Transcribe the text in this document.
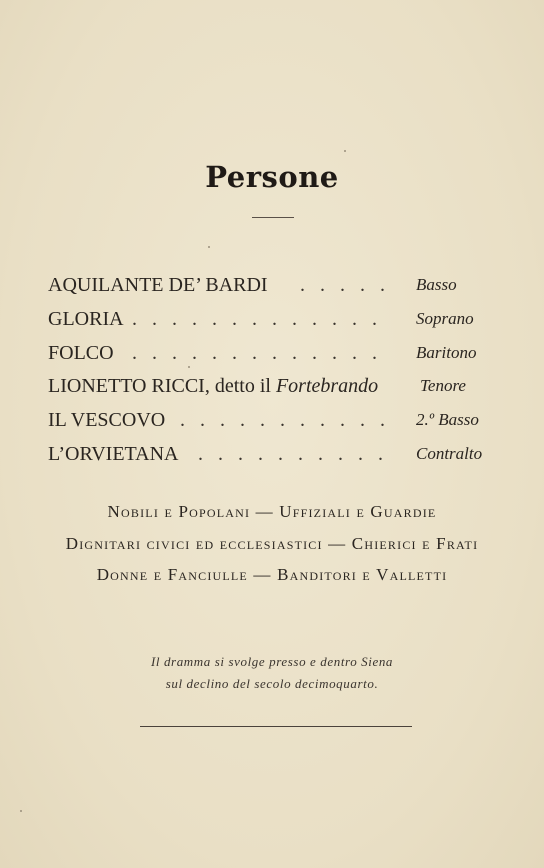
Persone
AQUILANTE DE’ BARDI . . . . . Basso
GLORIA . . . . . . . . . . . . . Soprano
FOLCO . . . . . . . . . . . . . Baritono
LIONETTO RICCI, detto il Fortebrando Tenore
IL VESCOVO . . . . . . . . . . . 2.º Basso
L’ORVIETANA . . . . . . . . . . Contralto
Nobili e Popolani — Uffiziali e Guardie
Dignitari civici ed ecclesiastici — Chierici e Frati
Donne e Fanciulle — Banditori e Valletti
Il dramma si svolge presso e dentro Siena
sul declino del secolo decimoquarto.
